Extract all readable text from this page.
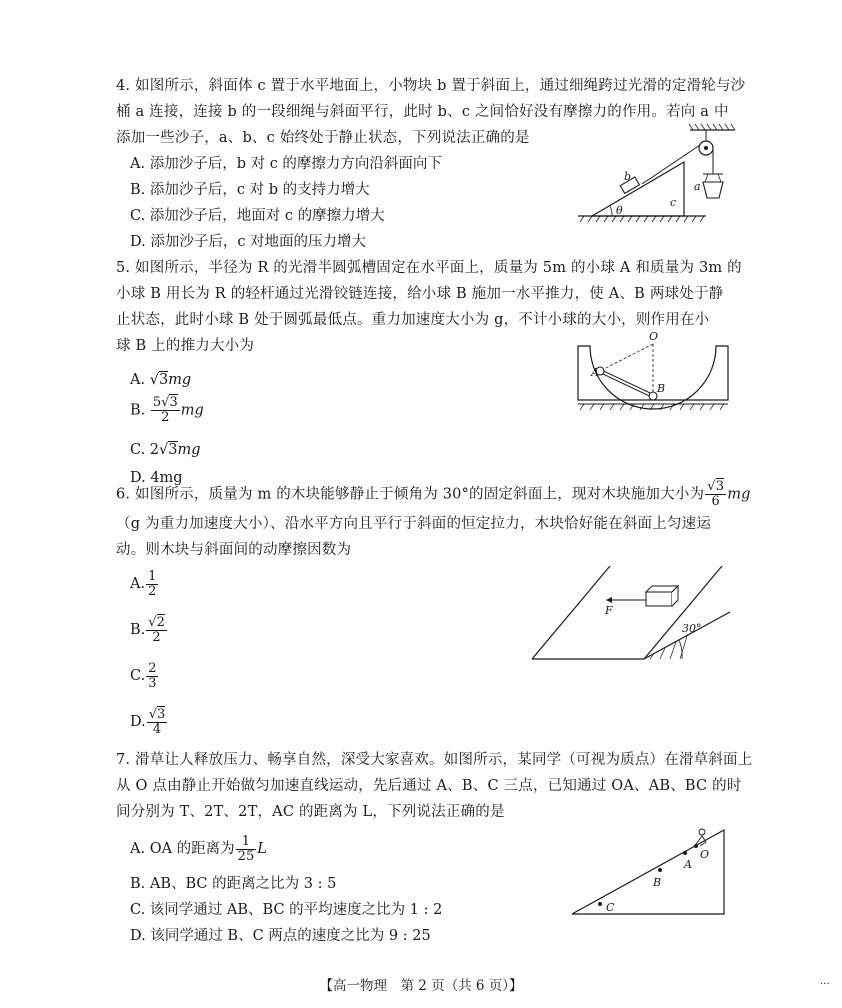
4. 如图所示，斜面体 c 置于水平地面上，小物块 b 置于斜面上，通过细绳跨过光滑的定滑轮与沙
桶 a 连接，连接 b 的一段细绳与斜面平行，此时 b、c 之间恰好没有摩擦力的作用。若向 a 中
添加一些沙子，a、b、c 始终处于静止状态，下列说法正确的是
A. 添加沙子后，b 对 c 的摩擦力方向沿斜面向下
B. 添加沙子后，c 对 b 的支持力增大
C. 添加沙子后，地面对 c 的摩擦力增大
D. 添加沙子后，c 对地面的压力增大
a
b
c
θ
5. 如图所示，半径为 R 的光滑半圆弧槽固定在水平面上，质量为 5m 的小球 A 和质量为 3m 的
小球 B 用长为 R 的轻杆通过光滑铰链连接，给小球 B 施加一水平推力，使 A、B 两球处于静
止状态，此时小球 B 处于圆弧最低点。重力加速度大小为 g，不计小球的大小，则作用在小
球 B 上的推力大小为
A. √3mg
B. $\frac{5√3}{2}$ mg
C. 2√3mg
D. 4mg
O
A
B
6. 如图所示，质量为 m 的木块能够静止于倾角为 30°的固定斜面上，现对木块施加大小为 $\frac{√3}{6}$ mg
（g 为重力加速度大小）、沿水平方向且平行于斜面的恒定拉力，木块恰好能在斜面上匀速运
动。则木块与斜面间的动摩擦因数为
A. $\frac{1}{2}$
B. $\frac{√2}{2}$
C. $\frac{2}{3}$
D. $\frac{√3}{4}$
30°
F
7. 滑草让人释放压力、畅享自然，深受大家喜欢。如图所示，某同学（可视为质点）在滑草斜面上
从 O 点由静止开始做匀加速直线运动，先后通过 A、B、C 三点，已知通过 OA、AB、BC 的时
间分别为 T、2T、2T，AC 的距离为 L，下列说法正确的是
A. OA 的距离为 $\frac{1}{25}$ L
B. AB、BC 的距离之比为 3 : 5
C. 该同学通过 AB、BC 的平均速度之比为 1 : 2
D. 该同学通过 B、C 两点的速度之比为 9 : 25
O
A
B
C
【高一物理　第 2 页（共 6 页）】	...
